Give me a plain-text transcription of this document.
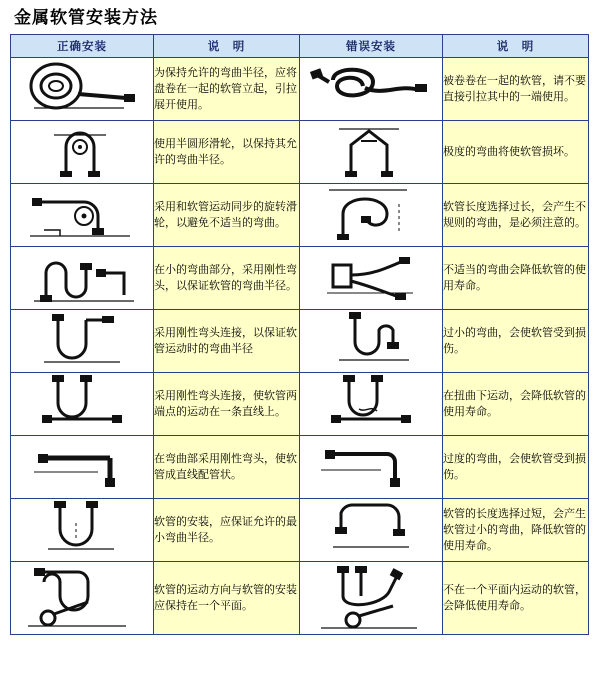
金属软管安装方法
正确安装	说　明	错误安装	说　明

	为保持允许的弯曲半径，应将盘卷在一起的软管立起，引拉展开使用。		被卷卷在一起的软管，请不要直接引拉其中的一端使用。

	使用半圆形滑轮，以保持其允许的弯曲半径。		极度的弯曲将使软管损坏。

	采用和软管运动同步的旋转滑轮，以避免不适当的弯曲。		软管长度选择过长，会产生不规则的弯曲，是必须注意的。

	在小的弯曲部分，采用刚性弯头，以保证软管的弯曲半径。		不适当的弯曲会降低软管的使用寿命。

	采用刚性弯头连接，以保证软管运动时的弯曲半径		过小的弯曲，会使软管受到损伤。

	采用刚性弯头连接，使软管两端点的运动在一条直线上。		在扭曲下运动，会降低软管的使用寿命。

	在弯曲部采用刚性弯头，使软管成直线配管状。		过度的弯曲，会使软管受到损伤。

	软管的安装，应保证允许的最小弯曲半径。		软管的长度选择过短，会产生软管过小的弯曲，降低软管的使用寿命。

	软管的运动方向与软管的安装应保持在一个平面。		不在一个平面内运动的软管，会降低使用寿命。
